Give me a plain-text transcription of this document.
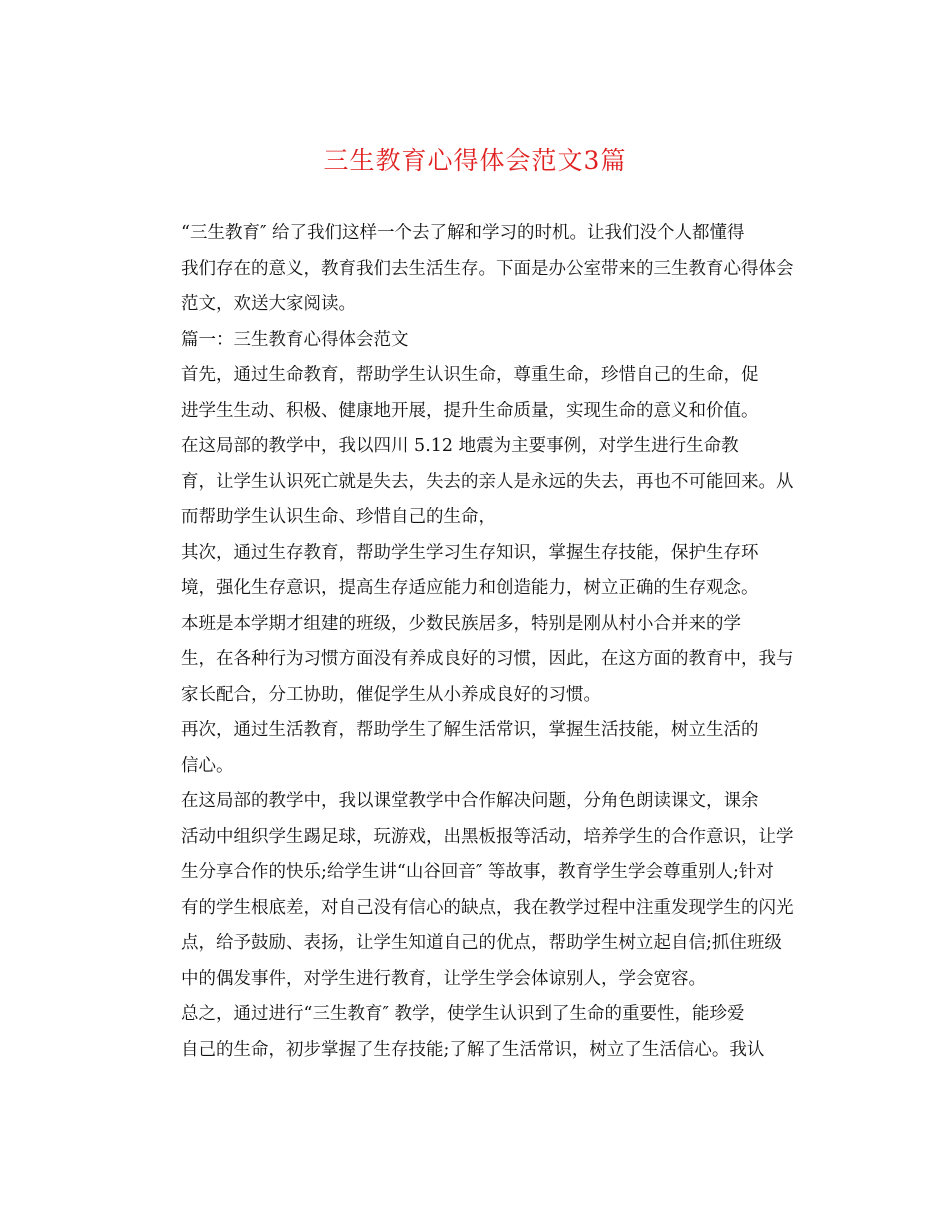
三生教育心得体会范文3篇

“三生教育″ 给了我们这样一个去了解和学习的时机。让我们没个人都懂得
我们存在的意义，教育我们去生活生存。下面是办公室带来的三生教育心得体会
范文，欢送大家阅读。

篇一：三生教育心得体会范文

首先，通过生命教育，帮助学生认识生命，尊重生命，珍惜自己的生命，促
进学生生动、积极、健康地开展，提升生命质量，实现生命的意义和价值。

在这局部的教学中，我以四川 5.12 地震为主要事例，对学生进行生命教
育，让学生认识死亡就是失去，失去的亲人是永远的失去，再也不可能回来。从
而帮助学生认识生命、珍惜自己的生命，

其次，通过生存教育，帮助学生学习生存知识，掌握生存技能，保护生存环
境，强化生存意识，提高生存适应能力和创造能力，树立正确的生存观念。

本班是本学期才组建的班级，少数民族居多，特别是刚从村小合并来的学
生，在各种行为习惯方面没有养成良好的习惯，因此，在这方面的教育中，我与
家长配合，分工协助，催促学生从小养成良好的习惯。

再次，通过生活教育，帮助学生了解生活常识，掌握生活技能，树立生活的
信心。

在这局部的教学中，我以课堂教学中合作解决问题，分角色朗读课文，课余
活动中组织学生踢足球，玩游戏，出黑板报等活动，培养学生的合作意识，让学
生分享合作的快乐;给学生讲“山谷回音″ 等故事，教育学生学会尊重别人;针对
有的学生根底差，对自己没有信心的缺点，我在教学过程中注重发现学生的闪光
点，给予鼓励、表扬，让学生知道自己的优点，帮助学生树立起自信;抓住班级
中的偶发事件，对学生进行教育，让学生学会体谅别人，学会宽容。

总之，通过进行“三生教育″ 教学，使学生认识到了生命的重要性，能珍爱
自己的生命，初步掌握了生存技能;了解了生活常识，树立了生活信心。我认
